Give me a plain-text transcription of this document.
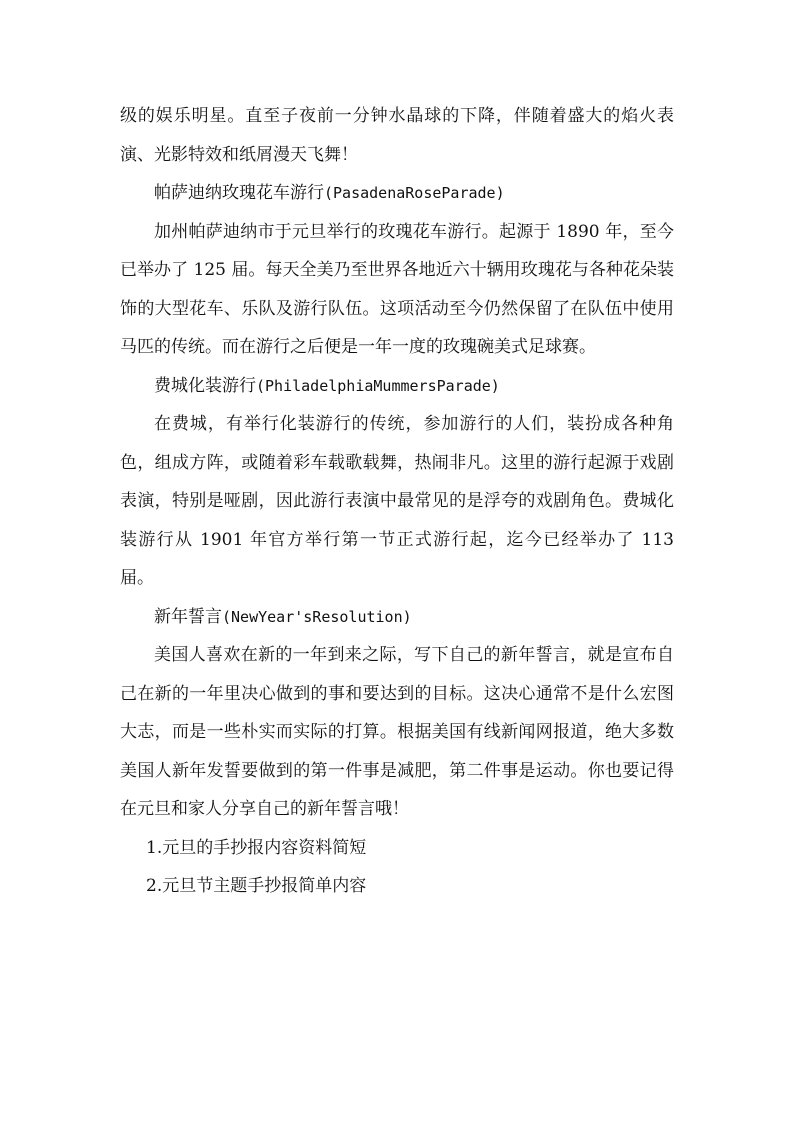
级的娱乐明星。直至子夜前一分钟水晶球的下降，伴随着盛大的焰火表演、光影特效和纸屑漫天飞舞！

帕萨迪纳玫瑰花车游行(PasadenaRoseParade)

加州帕萨迪纳市于元旦举行的玫瑰花车游行。起源于 1890 年，至今已举办了 125 届。每天全美乃至世界各地近六十辆用玫瑰花与各种花朵装饰的大型花车、乐队及游行队伍。这项活动至今仍然保留了在队伍中使用马匹的传统。而在游行之后便是一年一度的玫瑰碗美式足球赛。

费城化装游行(PhiladelphiaMummersParade)

在费城，有举行化装游行的传统，参加游行的人们，装扮成各种角色，组成方阵，或随着彩车载歌载舞，热闹非凡。这里的游行起源于戏剧表演，特别是哑剧，因此游行表演中最常见的是浮夸的戏剧角色。费城化装游行从 1901 年官方举行第一节正式游行起，迄今已经举办了 113 届。

新年誓言(NewYear'sResolution)

美国人喜欢在新的一年到来之际，写下自己的新年誓言，就是宣布自己在新的一年里决心做到的事和要达到的目标。这决心通常不是什么宏图大志，而是一些朴实而实际的打算。根据美国有线新闻网报道，绝大多数美国人新年发誓要做到的第一件事是减肥，第二件事是运动。你也要记得在元旦和家人分享自己的新年誓言哦！

1.元旦的手抄报内容资料简短

2.元旦节主题手抄报简单内容
